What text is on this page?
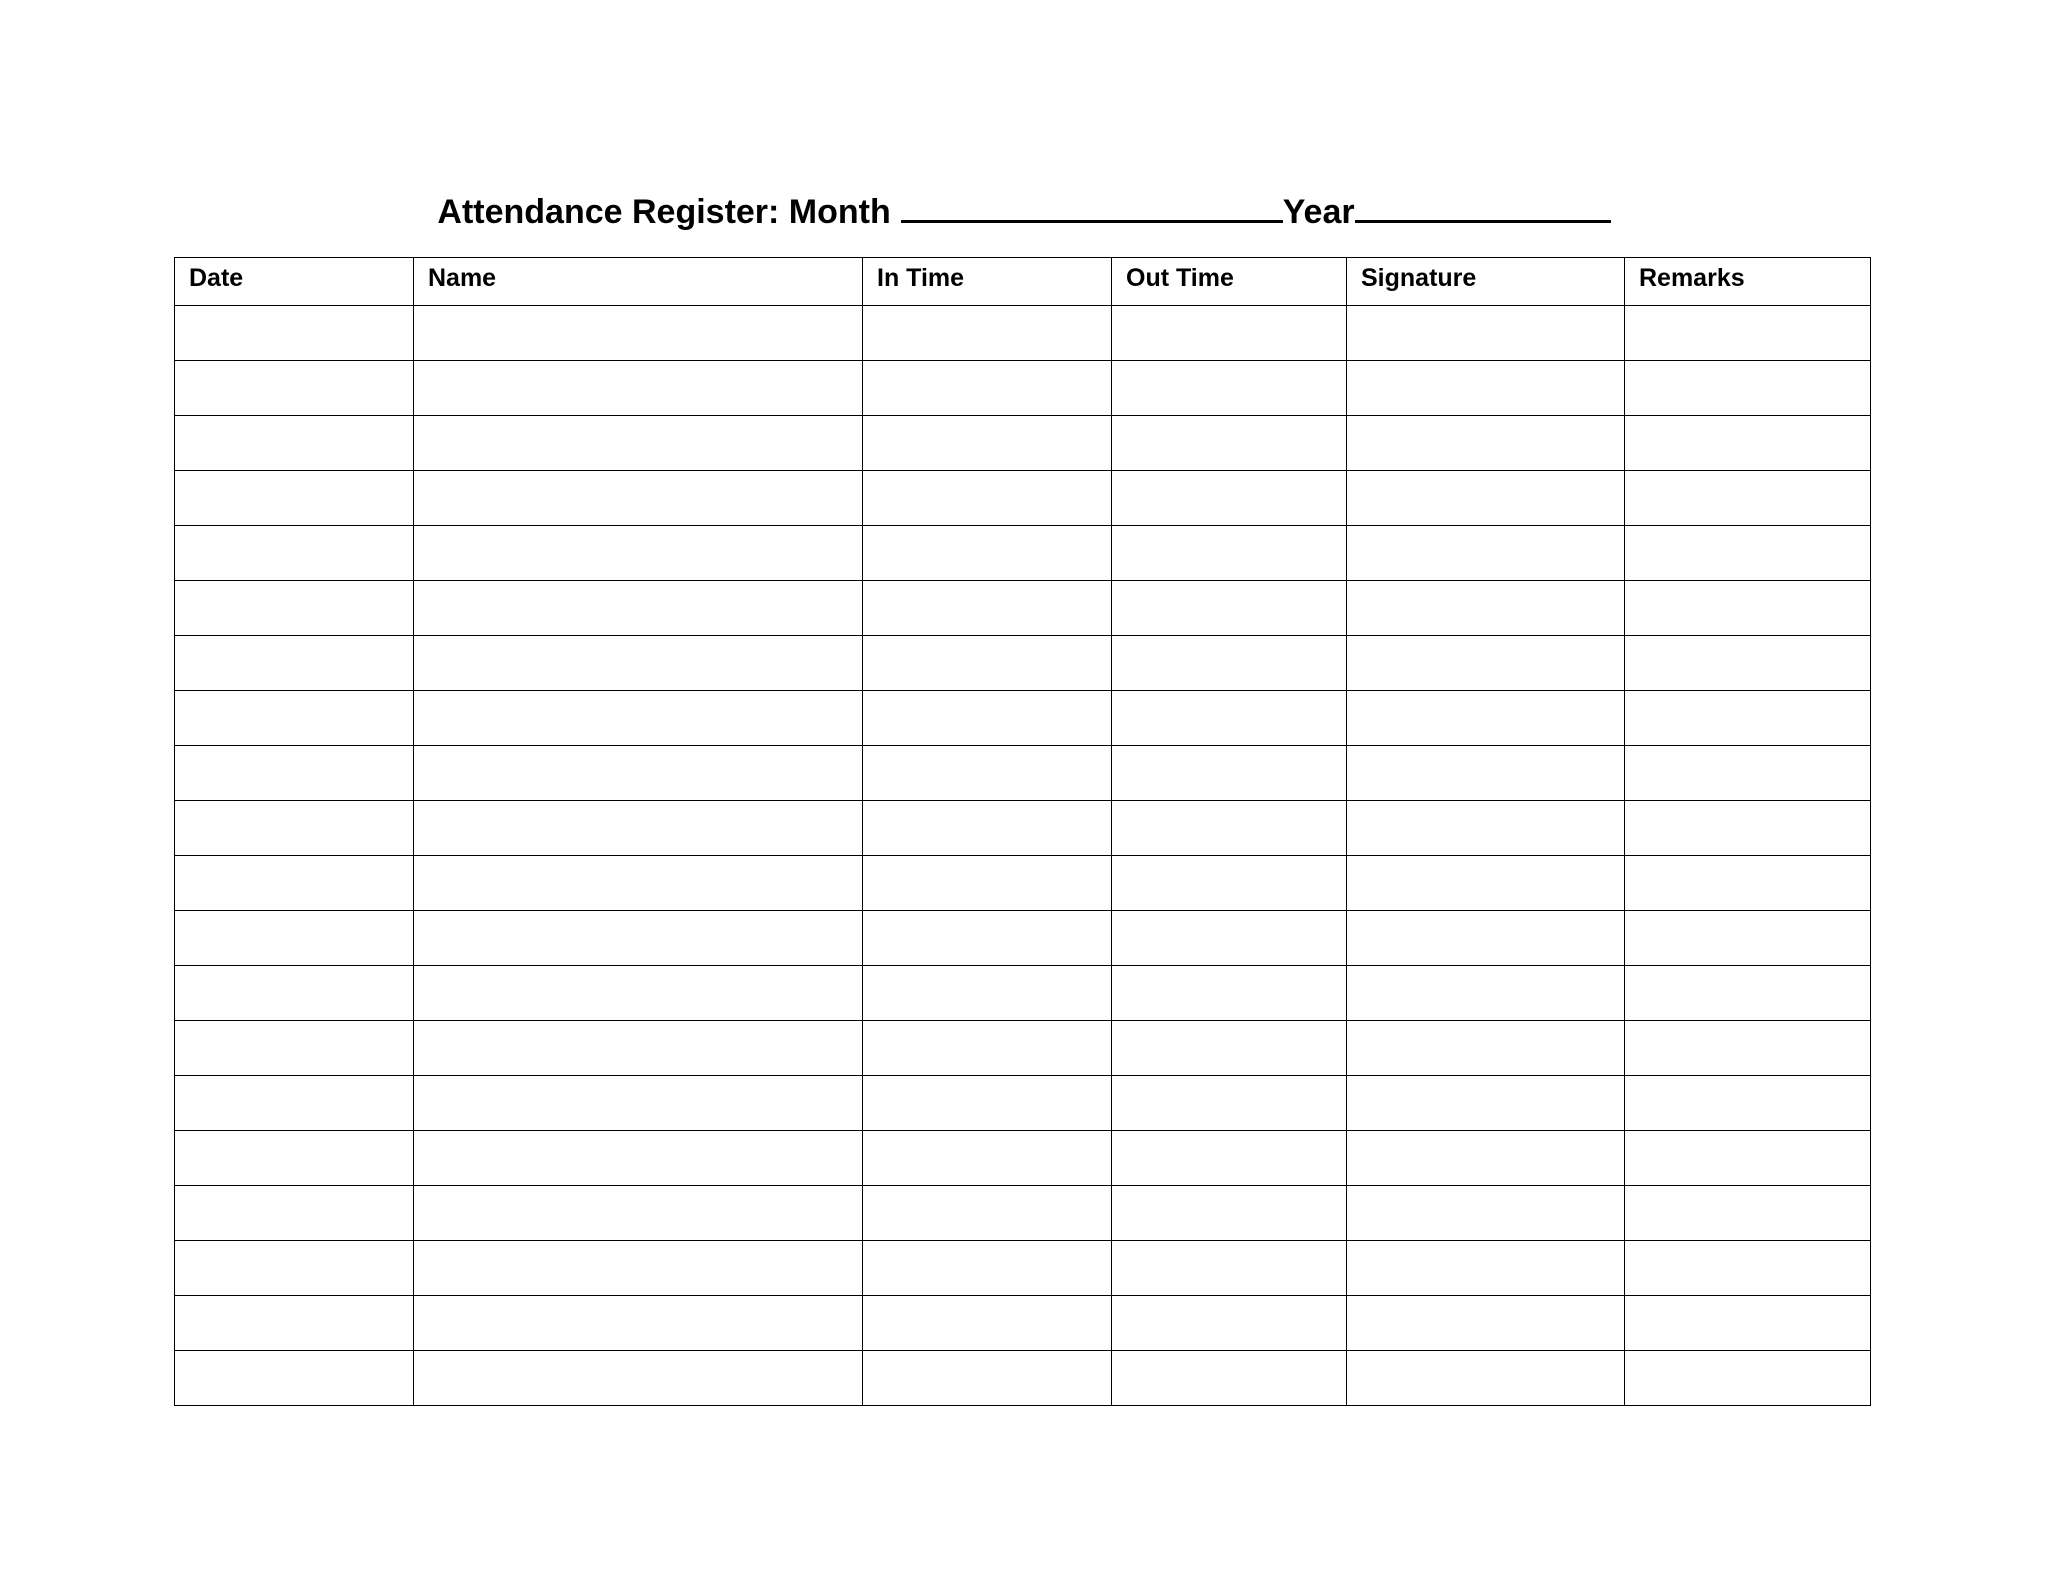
Attendance Register: Month	Year
Date	Name	In Time	Out Time	Signature	Remarks
